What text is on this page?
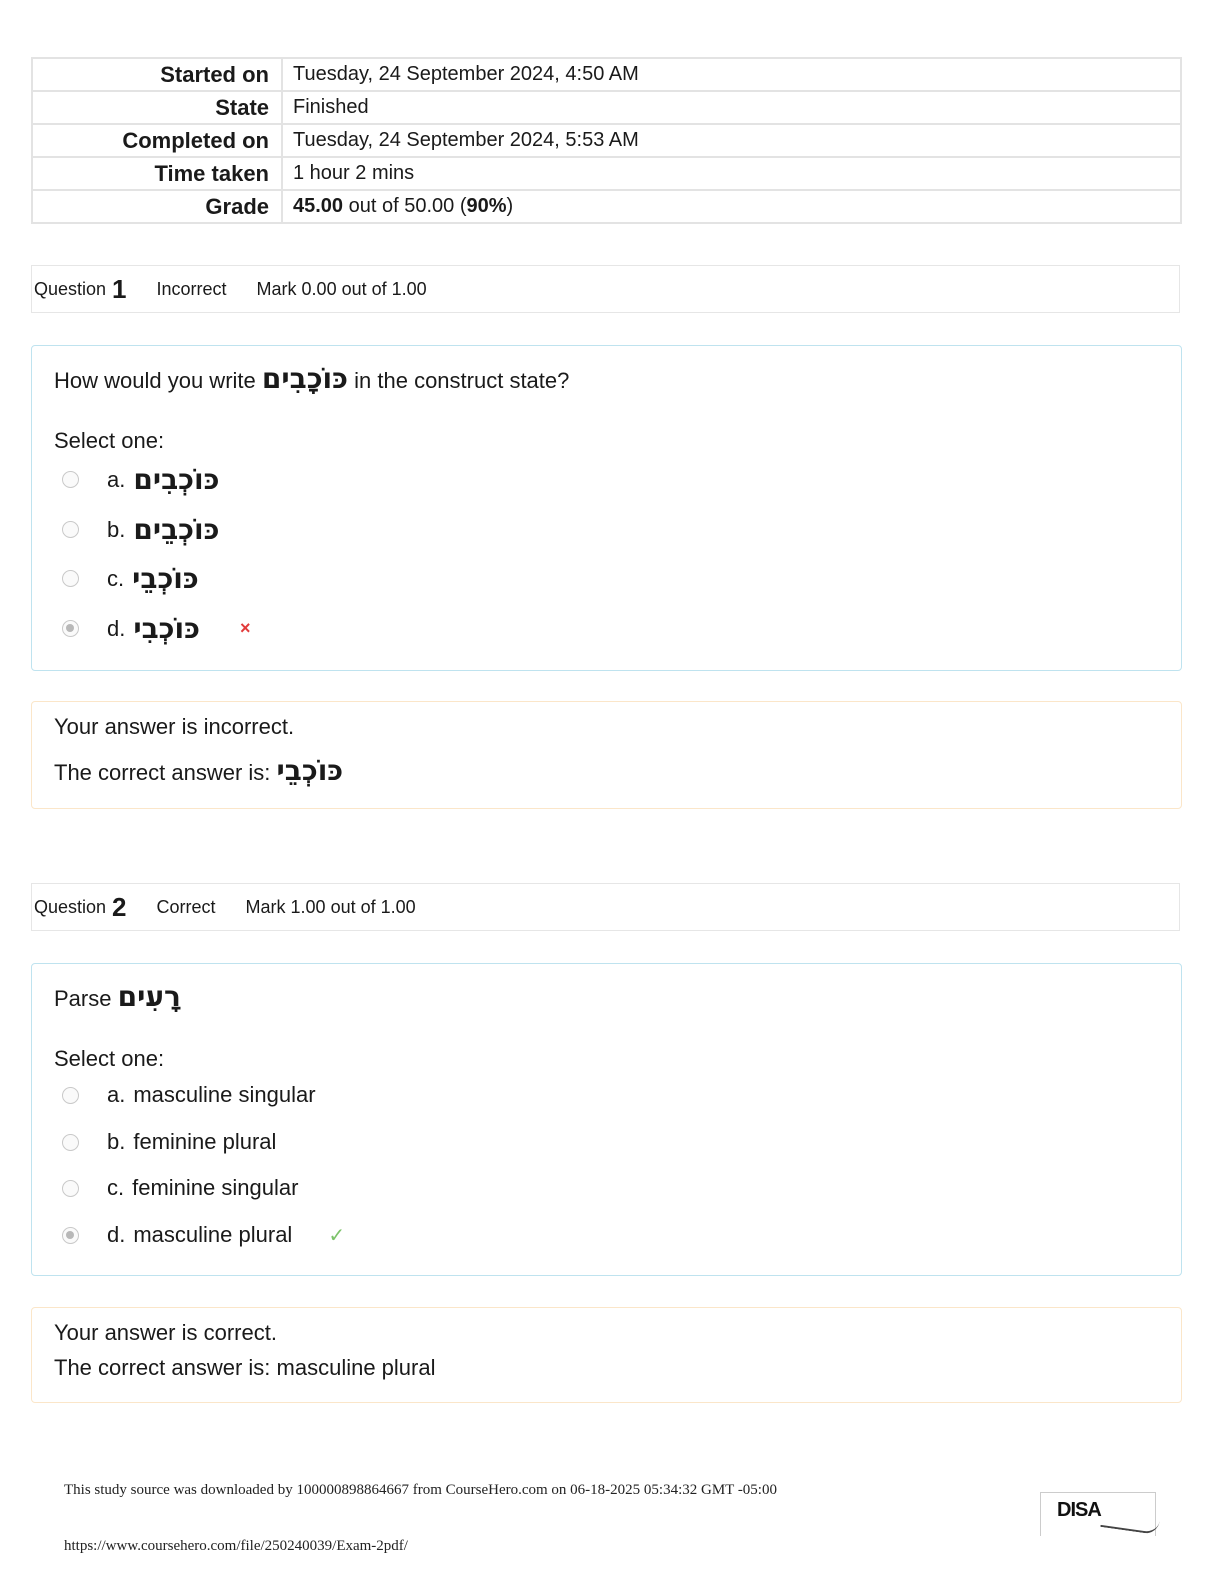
Started on	Tuesday, 24 September 2024, 4:50 AM
State	Finished
Completed on	Tuesday, 24 September 2024, 5:53 AM
Time taken	1 hour 2 mins
Grade	45.00 out of 50.00 (90%)
Question 1 Incorrect Mark 0.00 out of 1.00
How would you write כּוֹכָבִים in the construct state?
Select one:
a. כּוֹכְבִים
b. כּוֹכְבֵים
c. כּוֹכְבֵי
d. כּוֹכְבִי ×
Your answer is incorrect.
The correct answer is: כּוֹכְבֵי
Question 2 Correct Mark 1.00 out of 1.00
Parse רָעִים
Select one:
a. masculine singular
b. feminine plural
c. feminine singular
d. masculine plural ✓
Your answer is correct.
The correct answer is: masculine plural
This study source was downloaded by 100000898864667 from CourseHero.com on 06-18-2025 05:34:32 GMT -05:00
https://www.coursehero.com/file/250240039/Exam-2pdf/
DISA
